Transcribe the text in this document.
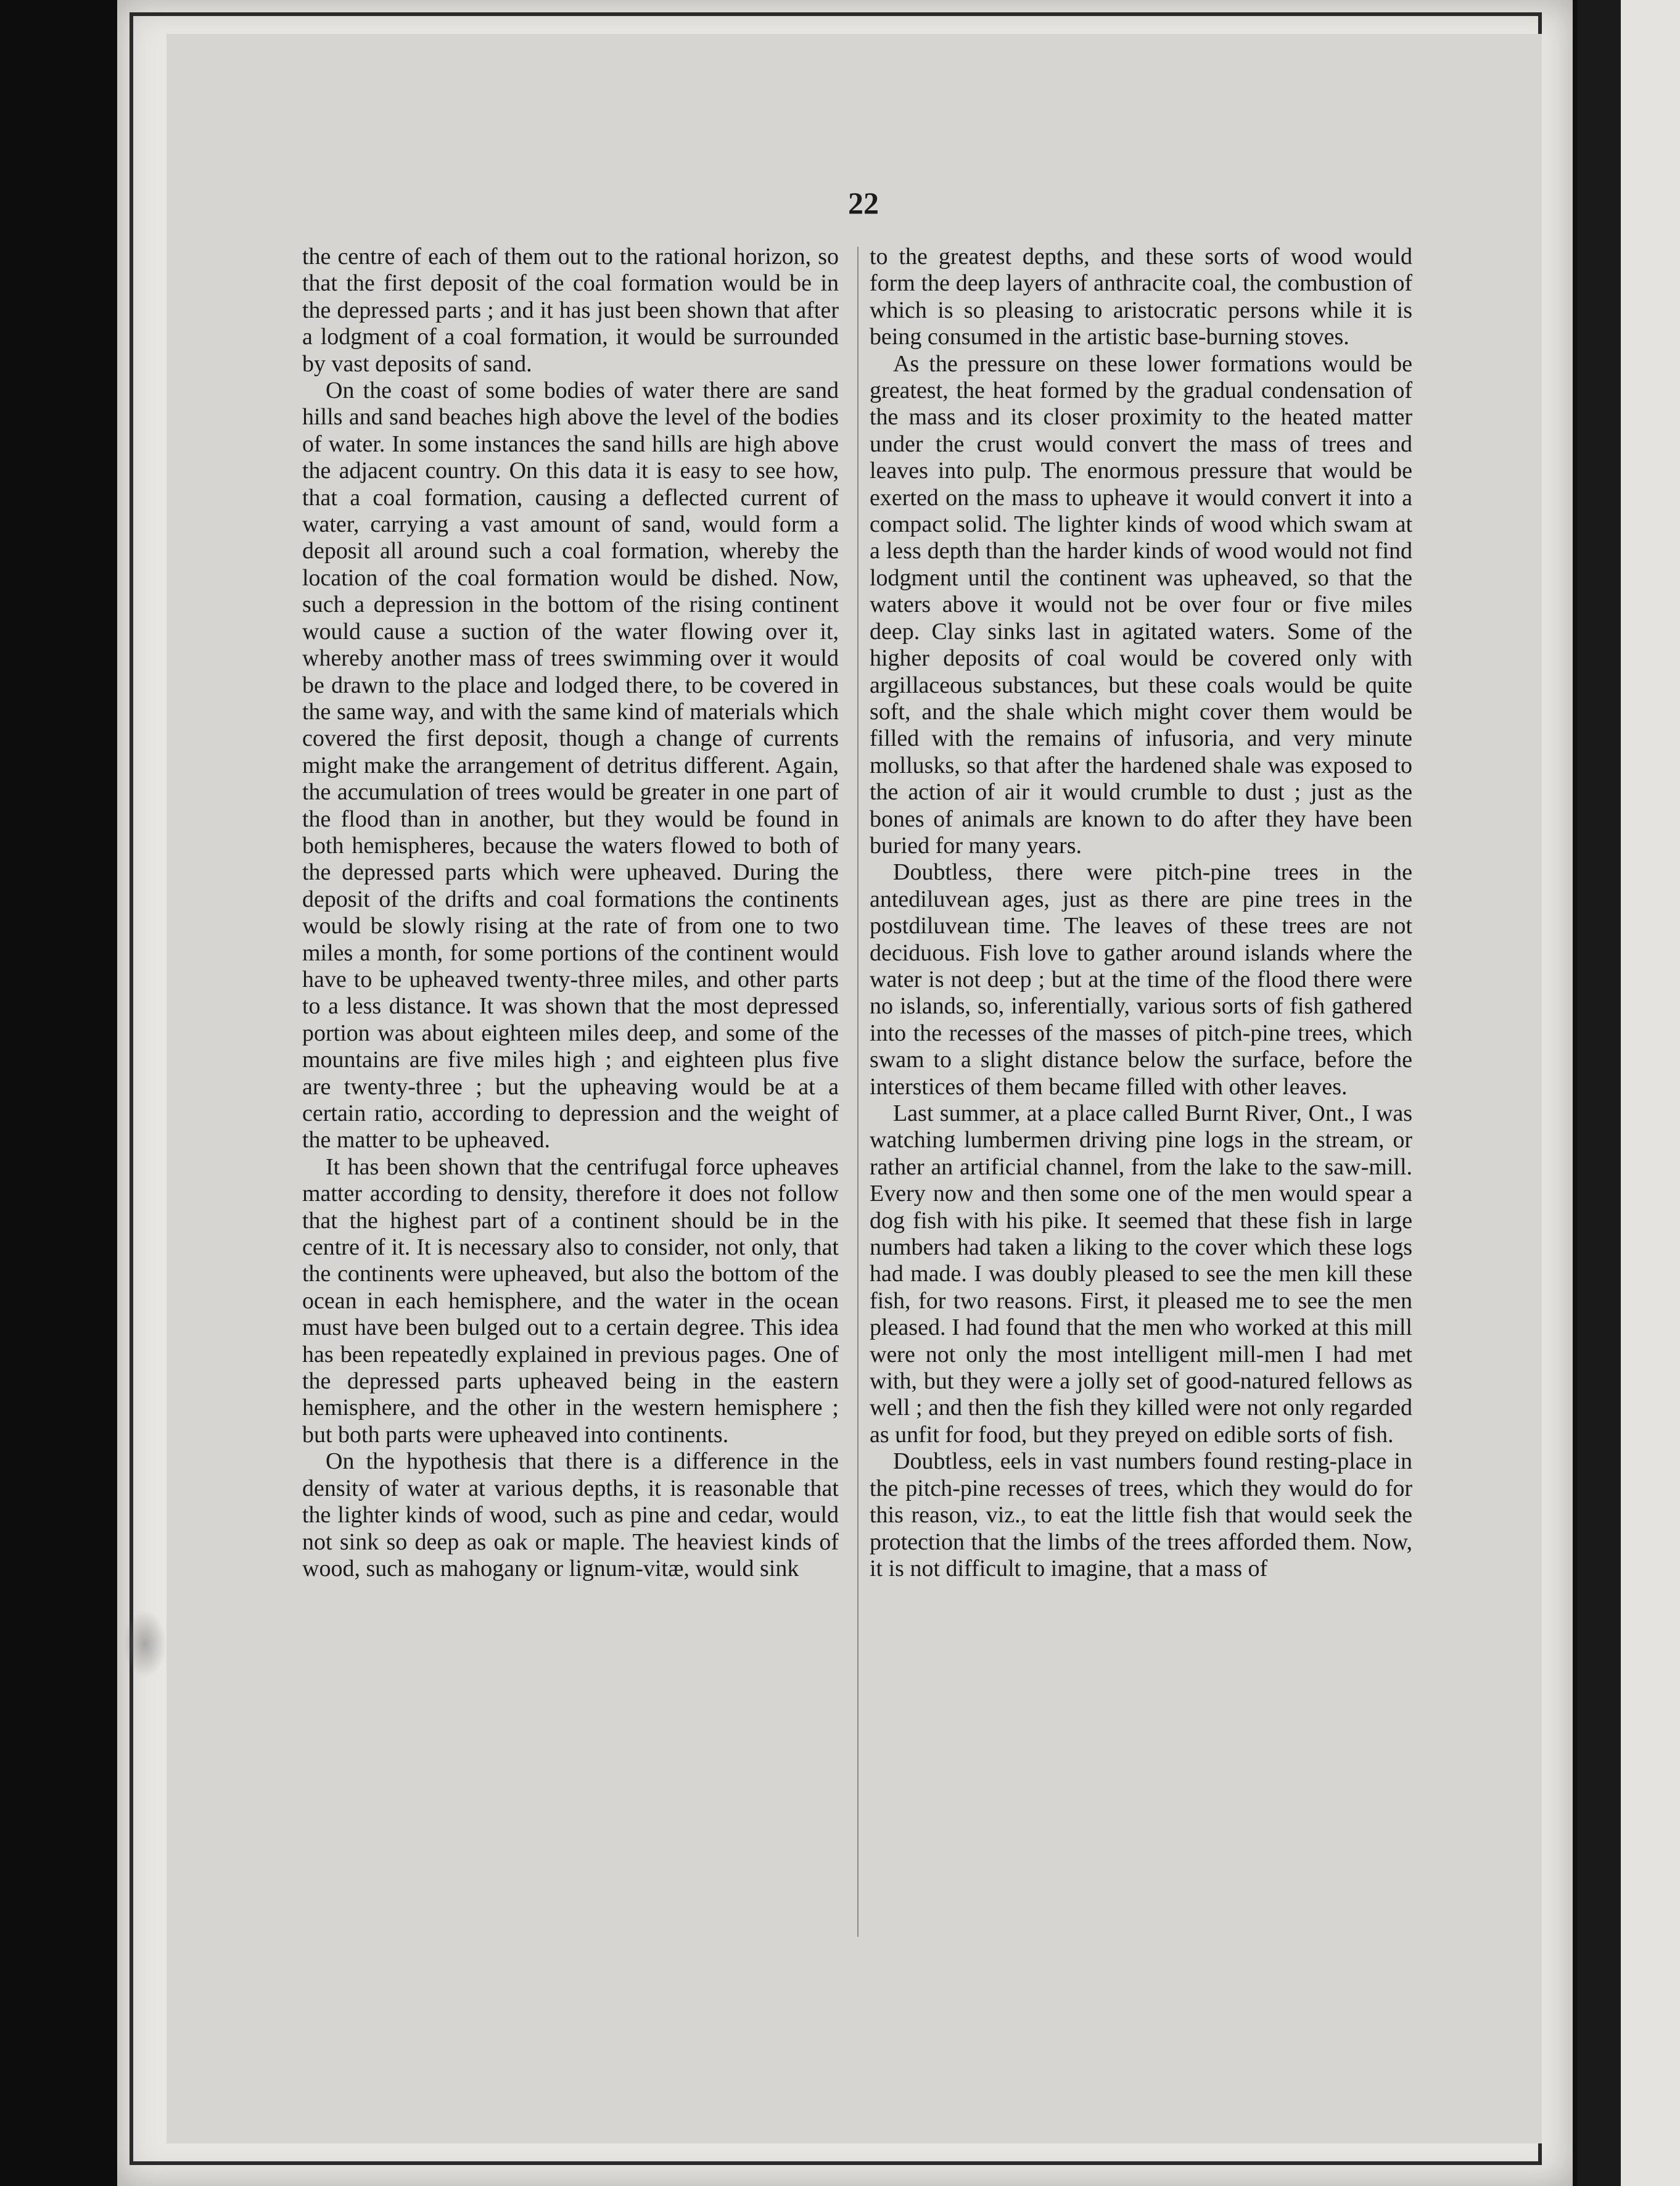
22

the centre of each of them out to the rational horizon, so that the first deposit of the coal formation would be in the depressed parts ; and it has just been shown that after a lodgment of a coal formation, it would be surrounded by vast deposits of sand.

On the coast of some bodies of water there are sand hills and sand beaches high above the level of the bodies of water. In some instances the sand hills are high above the adjacent country. On this data it is easy to see how, that a coal formation, causing a deflected current of water, carrying a vast amount of sand, would form a deposit all around such a coal formation, whereby the location of the coal formation would be dished. Now, such a depression in the bottom of the rising continent would cause a suction of the water flowing over it, whereby another mass of trees swimming over it would be drawn to the place and lodged there, to be covered in the same way, and with the same kind of materials which covered the first deposit, though a change of currents might make the arrangement of detritus different. Again, the accumulation of trees would be greater in one part of the flood than in another, but they would be found in both hemispheres, because the waters flowed to both of the depressed parts which were upheaved. During the deposit of the drifts and coal formations the continents would be slowly rising at the rate of from one to two miles a month, for some portions of the continent would have to be upheaved twenty-three miles, and other parts to a less distance. It was shown that the most depressed portion was about eighteen miles deep, and some of the mountains are five miles high ; and eighteen plus five are twenty-three ; but the upheaving would be at a certain ratio, according to depression and the weight of the matter to be upheaved.

It has been shown that the centrifugal force upheaves matter according to density, therefore it does not follow that the highest part of a continent should be in the centre of it. It is necessary also to consider, not only, that the continents were upheaved, but also the bottom of the ocean in each hemisphere, and the water in the ocean must have been bulged out to a certain degree. This idea has been repeatedly explained in previous pages. One of the depressed parts upheaved being in the eastern hemisphere, and the other in the western hemisphere ; but both parts were upheaved into continents.

On the hypothesis that there is a difference in the density of water at various depths, it is reasonable that the lighter kinds of wood, such as pine and cedar, would not sink so deep as oak or maple. The heaviest kinds of wood, such as mahogany or lignum-vitæ, would sink

to the greatest depths, and these sorts of wood would form the deep layers of anthracite coal, the combustion of which is so pleasing to aristocratic persons while it is being consumed in the artistic base-burning stoves.

As the pressure on these lower formations would be greatest, the heat formed by the gradual condensation of the mass and its closer proximity to the heated matter under the crust would convert the mass of trees and leaves into pulp. The enormous pressure that would be exerted on the mass to upheave it would convert it into a compact solid. The lighter kinds of wood which swam at a less depth than the harder kinds of wood would not find lodgment until the continent was upheaved, so that the waters above it would not be over four or five miles deep. Clay sinks last in agitated waters. Some of the higher deposits of coal would be covered only with argillaceous substances, but these coals would be quite soft, and the shale which might cover them would be filled with the remains of infusoria, and very minute mollusks, so that after the hardened shale was exposed to the action of air it would crumble to dust ; just as the bones of animals are known to do after they have been buried for many years.

Doubtless, there were pitch-pine trees in the antediluvean ages, just as there are pine trees in the postdiluvean time. The leaves of these trees are not deciduous. Fish love to gather around islands where the water is not deep ; but at the time of the flood there were no islands, so, inferentially, various sorts of fish gathered into the recesses of the masses of pitch-pine trees, which swam to a slight distance below the surface, before the interstices of them became filled with other leaves.

Last summer, at a place called Burnt River, Ont., I was watching lumbermen driving pine logs in the stream, or rather an artificial channel, from the lake to the saw-mill. Every now and then some one of the men would spear a dog fish with his pike. It seemed that these fish in large numbers had taken a liking to the cover which these logs had made. I was doubly pleased to see the men kill these fish, for two reasons. First, it pleased me to see the men pleased. I had found that the men who worked at this mill were not only the most intelligent mill-men I had met with, but they were a jolly set of good-natured fellows as well ; and then the fish they killed were not only regarded as unfit for food, but they preyed on edible sorts of fish.

Doubtless, eels in vast numbers found resting-place in the pitch-pine recesses of trees, which they would do for this reason, viz., to eat the little fish that would seek the protection that the limbs of the trees afforded them. Now, it is not difficult to imagine, that a mass of
